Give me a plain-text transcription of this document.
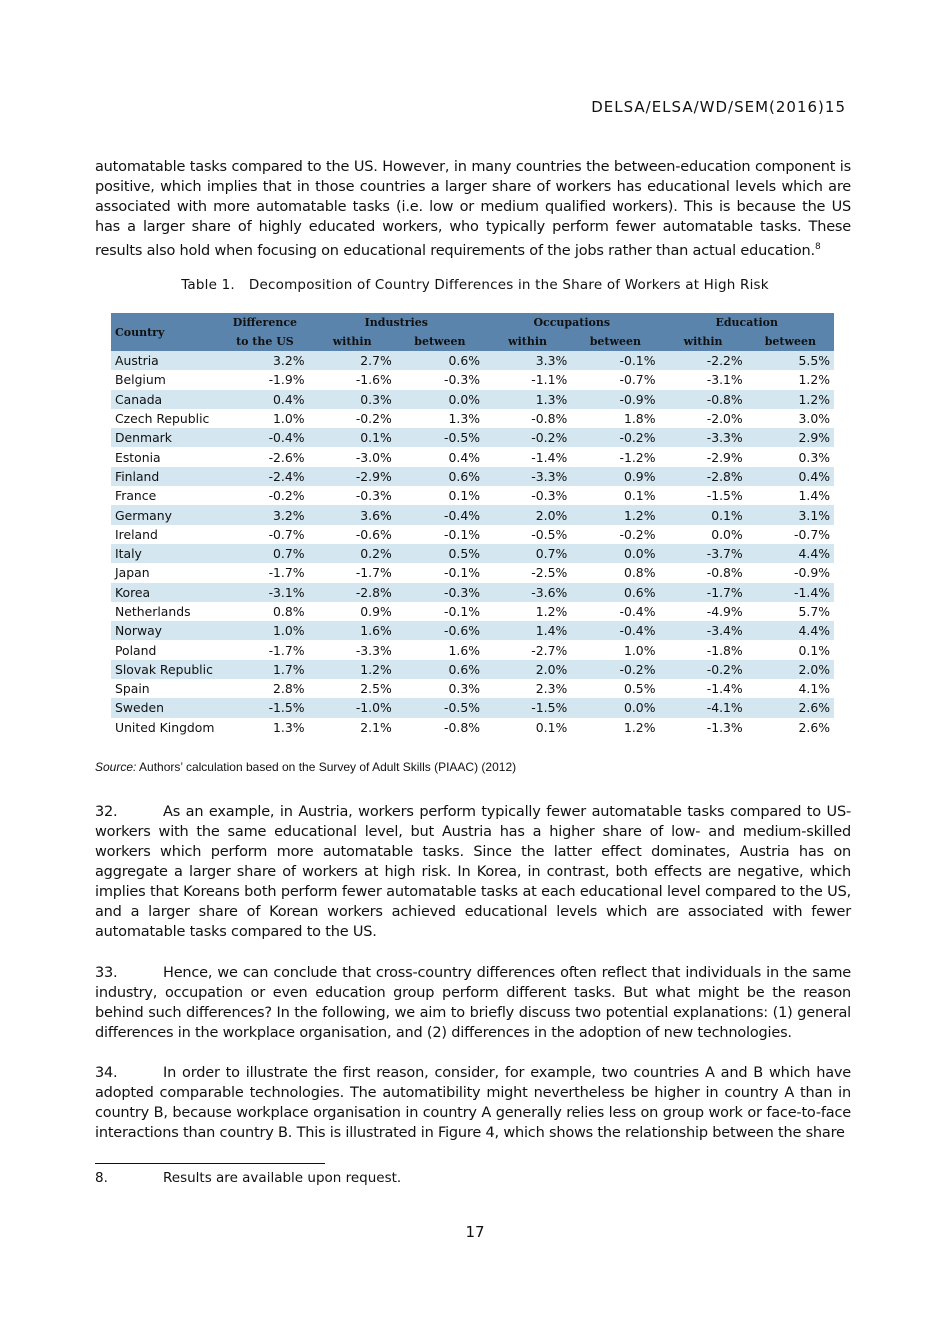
DELSA/ELSA/WD/SEM(2016)15

automatable tasks compared to the US. However, in many countries the between-education component is positive, which implies that in those countries a larger share of workers has educational levels which are associated with more automatable tasks (i.e. low or medium qualified workers). This is because the US has a larger share of highly educated workers, who typically perform fewer automatable tasks. These results also hold when focusing on educational requirements of the jobs rather than actual education.$^8$

Table 1. Decomposition of Country Differences in the Share of Workers at High Risk
Country	Difference	Industries		Occupations		Education	
	to the US	within	between	within	between	within	between
Austria	3.2%	2.7%	0.6%	3.3%	-0.1%	-2.2%	5.5%
Belgium	-1.9%	-1.6%	-0.3%	-1.1%	-0.7%	-3.1%	1.2%
Canada	0.4%	0.3%	0.0%	1.3%	-0.9%	-0.8%	1.2%
Czech Republic	1.0%	-0.2%	1.3%	-0.8%	1.8%	-2.0%	3.0%
Denmark	-0.4%	0.1%	-0.5%	-0.2%	-0.2%	-3.3%	2.9%
Estonia	-2.6%	-3.0%	0.4%	-1.4%	-1.2%	-2.9%	0.3%
Finland	-2.4%	-2.9%	0.6%	-3.3%	0.9%	-2.8%	0.4%
France	-0.2%	-0.3%	0.1%	-0.3%	0.1%	-1.5%	1.4%
Germany	3.2%	3.6%	-0.4%	2.0%	1.2%	0.1%	3.1%
Ireland	-0.7%	-0.6%	-0.1%	-0.5%	-0.2%	0.0%	-0.7%
Italy	0.7%	0.2%	0.5%	0.7%	0.0%	-3.7%	4.4%
Japan	-1.7%	-1.7%	-0.1%	-2.5%	0.8%	-0.8%	-0.9%
Korea	-3.1%	-2.8%	-0.3%	-3.6%	0.6%	-1.7%	-1.4%
Netherlands	0.8%	0.9%	-0.1%	1.2%	-0.4%	-4.9%	5.7%
Norway	1.0%	1.6%	-0.6%	1.4%	-0.4%	-3.4%	4.4%
Poland	-1.7%	-3.3%	1.6%	-2.7%	1.0%	-1.8%	0.1%
Slovak Republic	1.7%	1.2%	0.6%	2.0%	-0.2%	-0.2%	2.0%
Spain	2.8%	2.5%	0.3%	2.3%	0.5%	-1.4%	4.1%
Sweden	-1.5%	-1.0%	-0.5%	-1.5%	0.0%	-4.1%	2.6%
United Kingdom	1.3%	2.1%	-0.8%	0.1%	1.2%	-1.3%	2.6%
Source: Authors’ calculation based on the Survey of Adult Skills (PIAAC) (2012)

32.	As an example, in Austria, workers perform typically fewer automatable tasks compared to US-workers with the same educational level, but Austria has a higher share of low- and medium-skilled workers which perform more automatable tasks. Since the latter effect dominates, Austria has on aggregate a larger share of workers at high risk. In Korea, in contrast, both effects are negative, which implies that Koreans both perform fewer automatable tasks at each educational level compared to the US, and a larger share of Korean workers achieved educational levels which are associated with fewer automatable tasks compared to the US.

33.	Hence, we can conclude that cross-country differences often reflect that individuals in the same industry, occupation or even education group perform different tasks. But what might be the reason behind such differences? In the following, we aim to briefly discuss two potential explanations: (1) general differences in the workplace organisation, and (2) differences in the adoption of new technologies.

34.	In order to illustrate the first reason, consider, for example, two countries A and B which have adopted comparable technologies. The automatibility might nevertheless be higher in country A than in country B, because workplace organisation in country A generally relies less on group work or face-to-face interactions than country B. This is illustrated in Figure 4, which shows the relationship between the share

8.	Results are available upon request.
17
